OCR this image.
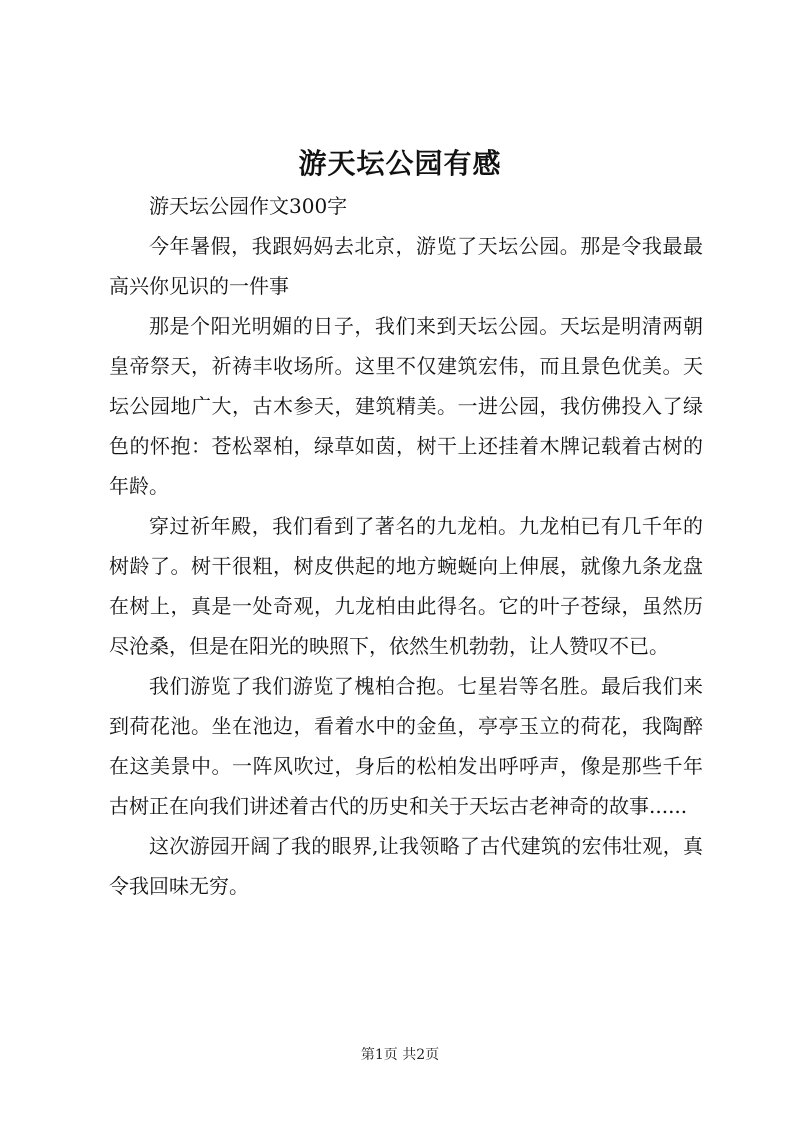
游天坛公园有感

游天坛公园作文300字

今年暑假，我跟妈妈去北京，游览了天坛公园。那是令我最最高兴你见识的一件事

那是个阳光明媚的日子，我们来到天坛公园。天坛是明清两朝皇帝祭天，祈祷丰收场所。这里不仅建筑宏伟，而且景色优美。天坛公园地广大，古木参天，建筑精美。一进公园，我仿佛投入了绿色的怀抱：苍松翠柏，绿草如茵，树干上还挂着木牌记载着古树的年龄。

穿过祈年殿，我们看到了著名的九龙柏。九龙柏已有几千年的树龄了。树干很粗，树皮供起的地方蜿蜒向上伸展，就像九条龙盘在树上，真是一处奇观，九龙柏由此得名。它的叶子苍绿，虽然历尽沧桑，但是在阳光的映照下，依然生机勃勃，让人赞叹不已。

我们游览了我们游览了槐柏合抱。七星岩等名胜。最后我们来到荷花池。坐在池边，看着水中的金鱼，亭亭玉立的荷花，我陶醉在这美景中。一阵风吹过，身后的松柏发出呼呼声，像是那些千年古树正在向我们讲述着古代的历史和关于天坛古老神奇的故事......

这次游园开阔了我的眼界,让我领略了古代建筑的宏伟壮观，真令我回味无穷。

第1页 共2页
